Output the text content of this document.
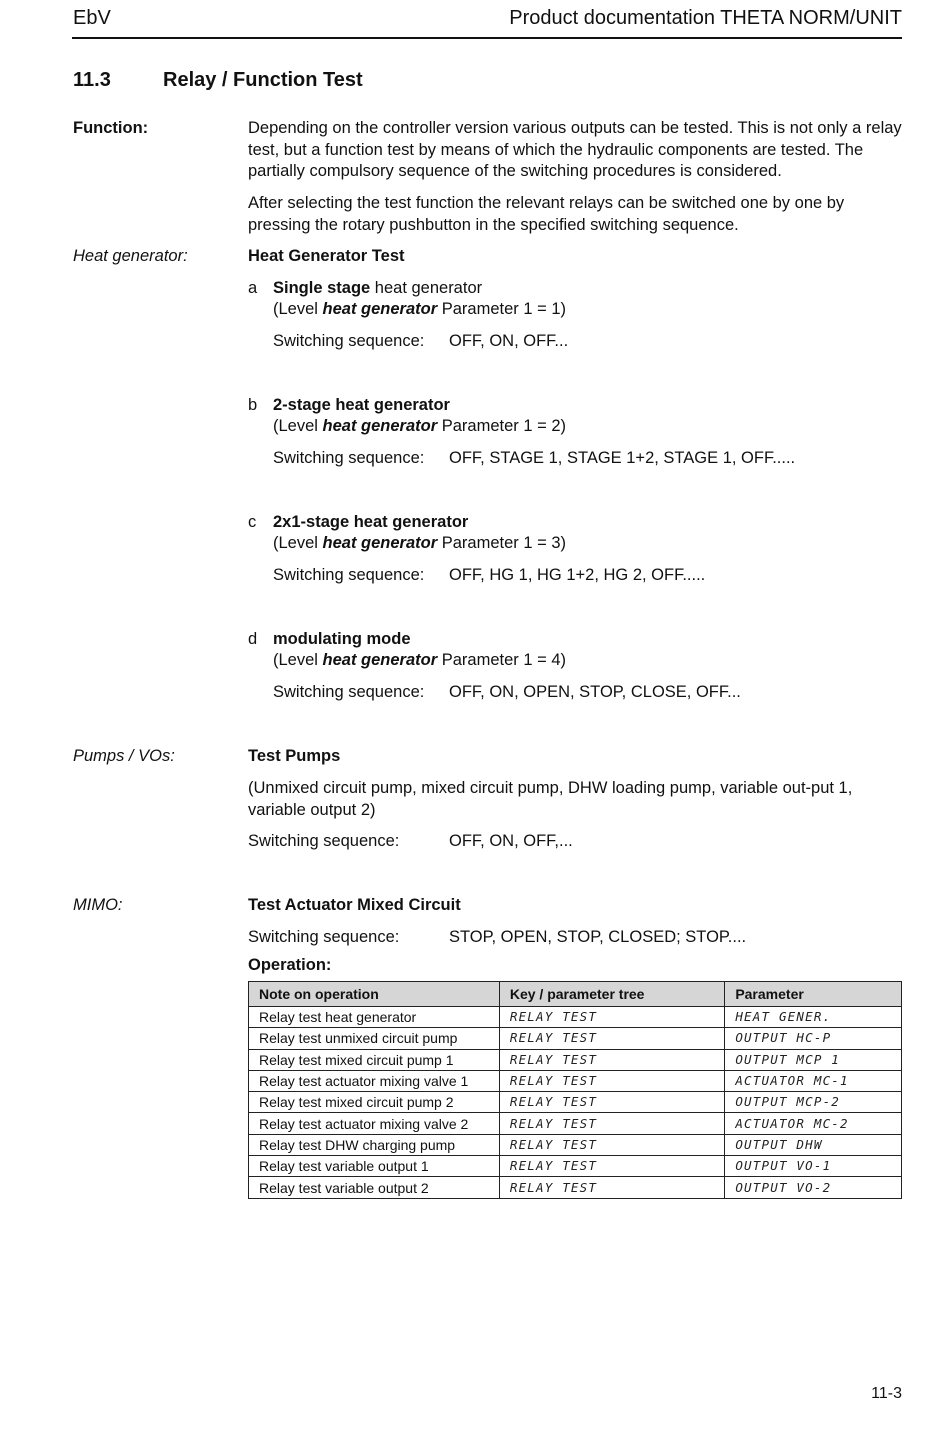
EbV	Product documentation THETA NORM/UNIT
11.3	Relay / Function Test
Function:	Depending on the controller version various outputs can be tested. This is not only a relay test, but a function test by means of which the hydraulic components are tested. The partially compulsory sequence of the switching procedures is considered.
After selecting the test function the relevant relays can be switched one by one by pressing the rotary pushbutton in the specified switching sequence.
Heat generator:	Heat Generator Test
a Single stage heat generator
(Level heat generator Parameter 1 = 1)
Switching sequence:	OFF, ON, OFF...
b 2-stage heat generator
(Level heat generator Parameter 1 = 2)
Switching sequence:	OFF, STAGE 1, STAGE 1+2, STAGE 1, OFF.....
c	2x1-stage heat generator
(Level heat generator Parameter 1 = 3)
Switching sequence:	OFF, HG 1, HG 1+2, HG 2, OFF.....
d modulating mode
(Level heat generator Parameter 1 = 4)
Switching sequence:	OFF, ON, OPEN, STOP, CLOSE, OFF...
Pumps / VOs:	Test Pumps
(Unmixed circuit pump, mixed circuit pump, DHW loading pump, variable out-put 1, variable output 2)
Switching sequence:	OFF, ON, OFF,...
MIMO:	Test Actuator Mixed Circuit
Switching sequence:	STOP, OPEN, STOP, CLOSED; STOP....
Operation:
Note on operation	Key / parameter tree	Parameter
Relay test heat generator	RELAY TEST	HEAT GENER.
Relay test unmixed circuit pump	RELAY TEST	OUTPUT HC-P
Relay test mixed circuit pump 1	RELAY TEST	OUTPUT MCP 1
Relay test actuator mixing valve 1	RELAY TEST	ACTUATOR MC-1
Relay test mixed circuit pump 2	RELAY TEST	OUTPUT MCP-2
Relay test actuator mixing valve 2	RELAY TEST	ACTUATOR MC-2
Relay test DHW charging pump	RELAY TEST	OUTPUT DHW
Relay test variable output 1	RELAY TEST	OUTPUT VO-1
Relay test variable output 2	RELAY TEST	OUTPUT VO-2
11-3
